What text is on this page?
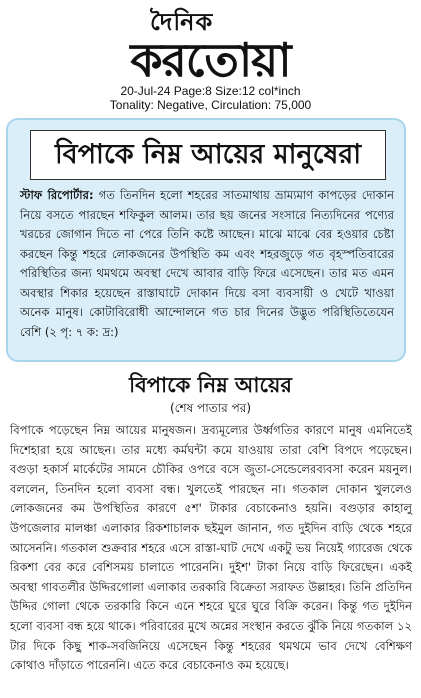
দৈনিক
করতোয়া
20-Jul-24 Page:8 Size:12 col*inch
Tonality: Negative, Circulation: 75,000
বিপাকে নিম্ন আয়ের মানুষেরা

স্টাফ রিপোর্টার: গত তিনদিন হলো শহরের সাতমাথায় ভ্রাম্যমাণ কাপড়ের দোকান নিয়ে বসতে পারছেন শফিকুল আলম। তার ছয় জনের সংসারে নিত্যদিনের পণ্যের খরচের জোগান দিতে না পেরে তিনি কষ্টে আছেন। মাঝে মাঝে বের হওয়ার চেষ্টা করছেন কিন্তু শহরে লোকজনের উপস্থিতি কম এবং শহরজুড়ে গত বৃহস্পতিবারের পরিস্থিতির জন্য থমথমে অবস্থা দেখে আবার বাড়ি ফিরে এসেছেন। তার মত এমন অবস্থার শিকার হয়েছেন রাস্তাঘাটে দোকান দিয়ে বসা ব্যবসায়ী ও খেটে খাওয়া অনেক মানুষ। কোটাবিরোধী আন্দোলনে গত চার দিনের উদ্ভুত পরিস্থিতিতেযেন বেশি (২ পৃ: ৭ ক: দ্র:)

বিপাকে নিম্ন আয়ের
(শেষ পাতার পর)

বিপাকে পড়েছেন নিম্ন আয়ের মানুষজন। দ্রব্যমূল্যের উর্ধ্বগতির কারণে মানুষ এমনিতেই দিশেহারা হয়ে আছেন। তার মধ্যে কর্মঘন্টা কমে যাওয়ায় তারা বেশি বিপদে পড়েছেন। বগুড়া হকার্স মার্কেটের সামনে চৌকির ওপরে বসে জুতা-সেন্ডেলেরব্যবসা করেন ময়নুল। বললেন, তিনদিন হলো ব্যবসা বন্ধ। খুলতেই পারছেন না। গতকাল দোকান খুললেও লোকজনের কম উপস্থিতির কারণে ৫শ' টাকার বেচাকেনাও হয়নি। বগুড়ার কাহালু উপজেলার মালঞ্চা এলাকার রিকশাচালক ছইমুল জানান, গত দুইদিন বাড়ি থেকে শহরে আসেননি। গতকাল শুক্রবার শহরে এসে রাস্তা-ঘাট দেখে একটু ভয় নিয়েই গ্যারেজ থেকে রিকশা বের করে বেশিসময় চালাতে পারেননি। দুইশ' টাকা নিয়ে বাড়ি ফিরেছেন। একই অবস্থা গাবতলীর উদ্দিরগোলা এলাকার তরকারি বিক্রেতা সরাফত উল্লাহর। তিনি প্রতিদিন উদ্দির গোলা থেকে তরকারি কিনে এনে শহরে ঘুরে ঘুরে বিক্রি করেন। কিন্তু গত দুইদিন হলো ব্যবসা বন্ধ হয়ে থাকে। পরিবারের মুখে অন্নের সংস্থান করতে ঝুঁকি নিয়ে গতকাল ১২ টার দিকে কিছু শাক-সবজিনিয়ে এসেছেন কিন্তু শহরের থমথমে ভাব দেখে বেশিক্ষণ কোথাও দাঁড়াতে পারেননি। এতে করে বেচাকেনাও কম হয়েছে।
